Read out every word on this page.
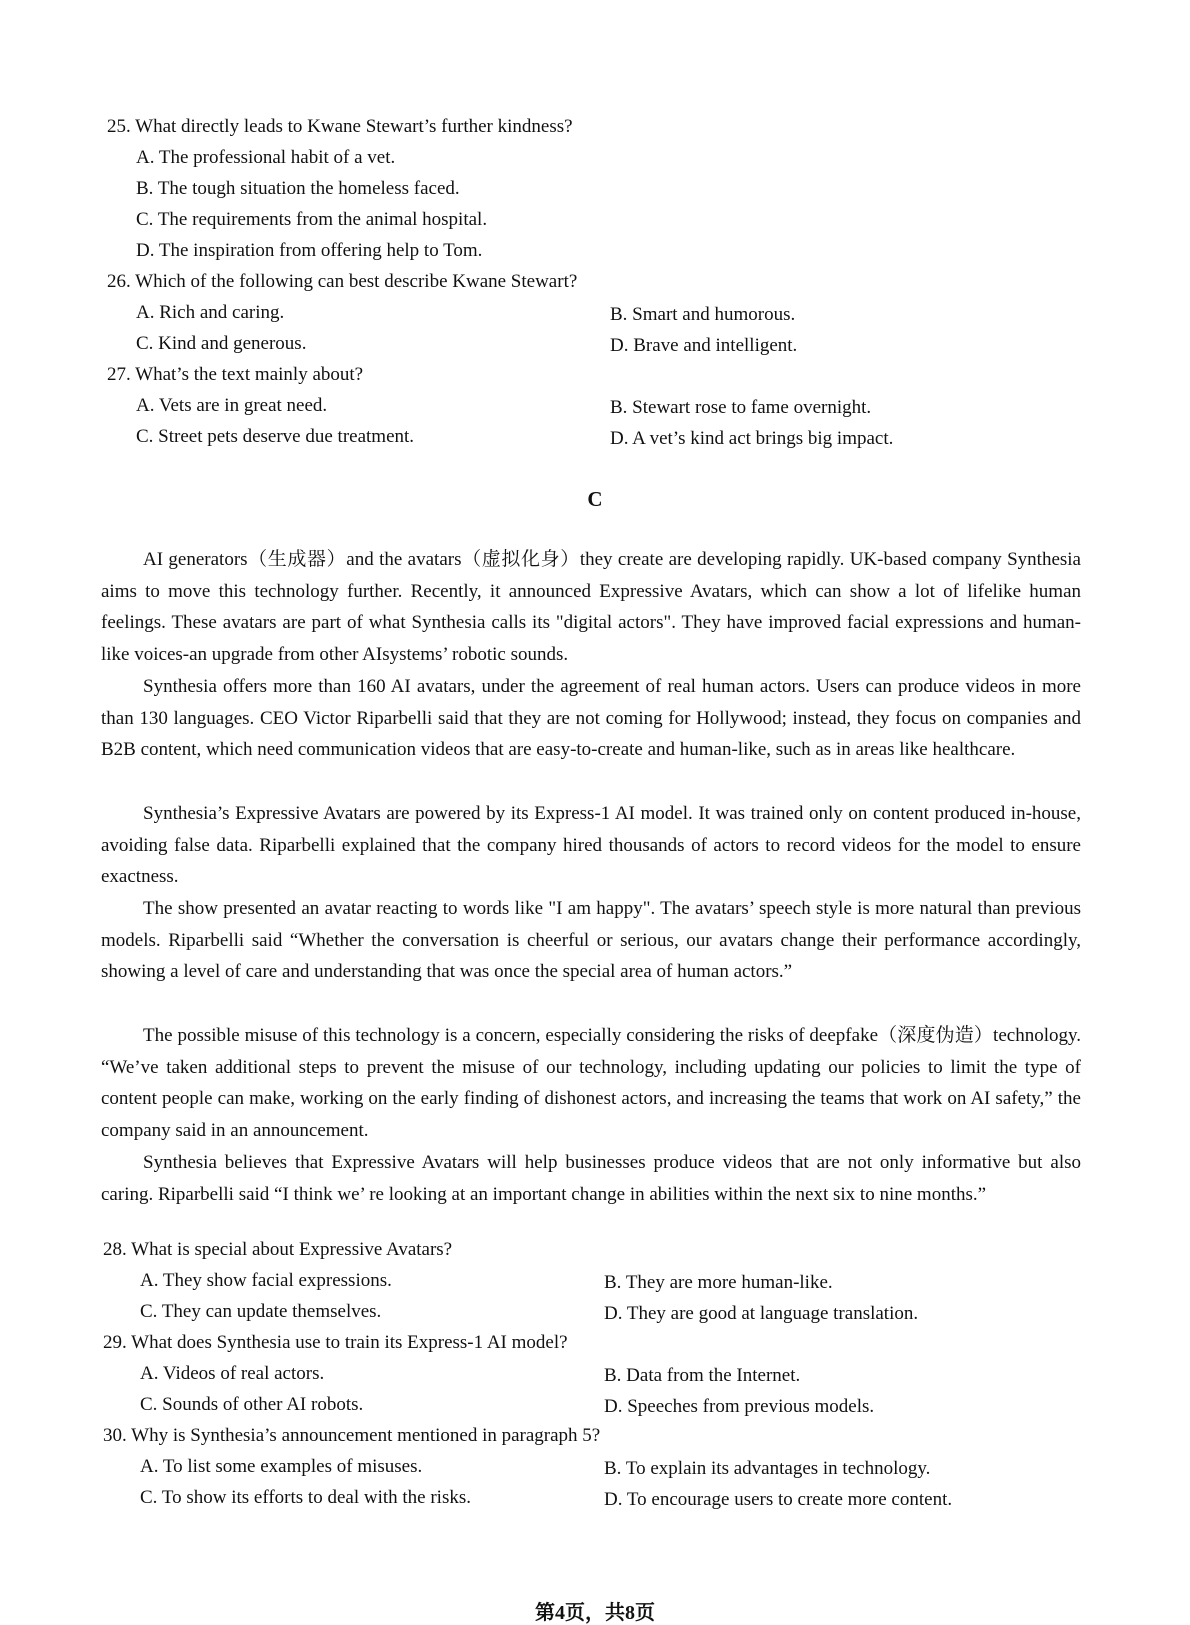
25. What directly leads to Kwane Stewart’s further kindness?
A. The professional habit of a vet.
B. The tough situation the homeless faced.
C. The requirements from the animal hospital.
D. The inspiration from offering help to Tom.
26. Which of the following can best describe Kwane Stewart?
A. Rich and caring.	B. Smart and humorous.
C. Kind and generous.	D. Brave and intelligent.
27. What’s the text mainly about?
A. Vets are in great need.	B. Stewart rose to fame overnight.
C. Street pets deserve due treatment.	D. A vet’s kind act brings big impact.
C

AI generators（生成器）and the avatars（虚拟化身）they create are developing rapidly. UK-based company Synthesia aims to move this technology further. Recently, it announced Expressive Avatars, which can show a lot of lifelike human feelings. These avatars are part of what Synthesia calls its "digital actors". They have improved facial expressions and human-like voices-an upgrade from other AIsystems’ robotic sounds.

Synthesia offers more than 160 AI avatars, under the agreement of real human actors. Users can produce videos in more than 130 languages. CEO Victor Riparbelli said that they are not coming for Hollywood; instead, they focus on companies and B2B content, which need communication videos that are easy-to-create and human-like, such as in areas like healthcare.

Synthesia’s Expressive Avatars are powered by its Express-1 AI model. It was trained only on content produced in-house, avoiding false data. Riparbelli explained that the company hired thousands of actors to record videos for the model to ensure exactness.

The show presented an avatar reacting to words like "I am happy". The avatars’ speech style is more natural than previous models. Riparbelli said “Whether the conversation is cheerful or serious, our avatars change their performance accordingly, showing a level of care and understanding that was once the special area of human actors.”

The possible misuse of this technology is a concern, especially considering the risks of deepfake（深度伪造）technology. “We’ve taken additional steps to prevent the misuse of our technology, including updating our policies to limit the type of content people can make, working on the early finding of dishonest actors, and increasing the teams that work on AI safety,” the company said in an announcement.

Synthesia believes that Expressive Avatars will help businesses produce videos that are not only informative but also caring. Riparbelli said “I think we’ re looking at an important change in abilities within the next six to nine months.”

28. What is special about Expressive Avatars?
A. They show facial expressions.	B. They are more human-like.
C. They can update themselves.	D. They are good at language translation.
29. What does Synthesia use to train its Express-1 AI model?
A. Videos of real actors.	B. Data from the Internet.
C. Sounds of other AI robots.	D. Speeches from previous models.
30. Why is Synthesia’s announcement mentioned in paragraph 5?
A. To list some examples of misuses.	B. To explain its advantages in technology.
C. To show its efforts to deal with the risks.	D. To encourage users to create more content.
第4页，共8页
